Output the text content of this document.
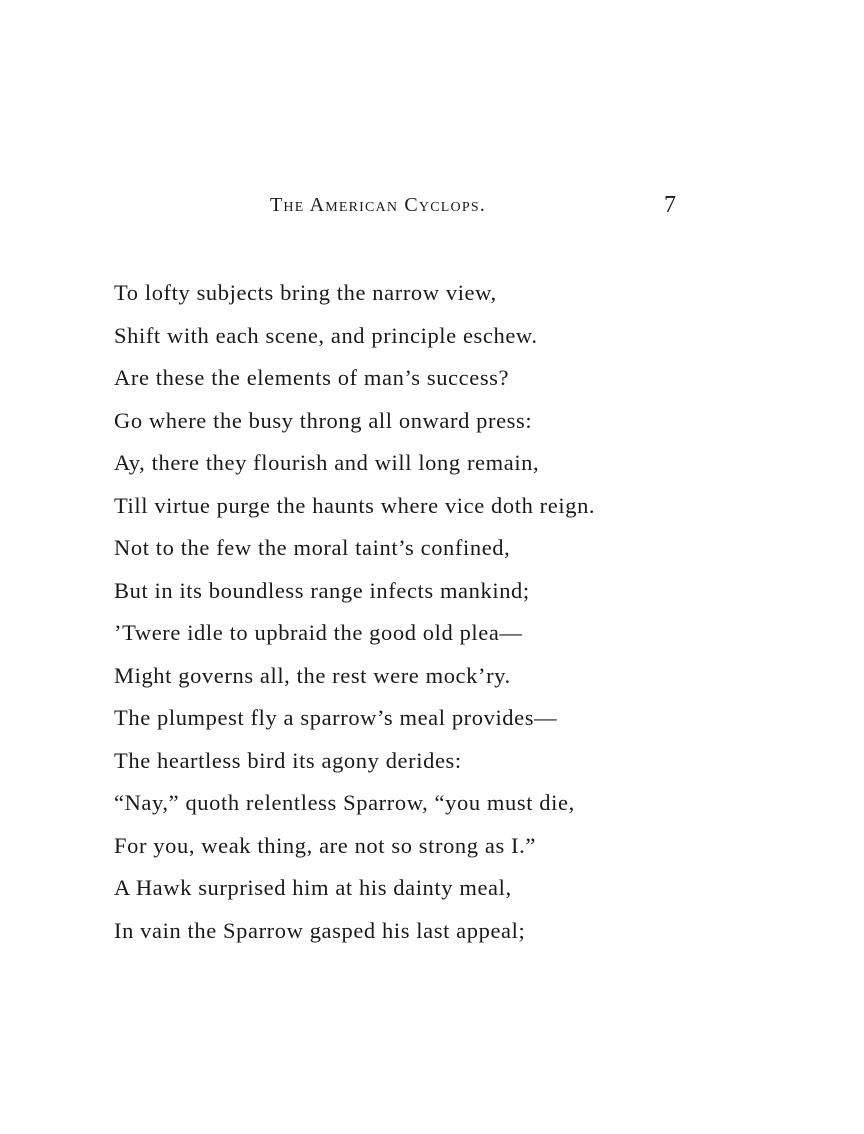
The American Cyclops.	7
To lofty subjects bring the narrow view,
Shift with each scene, and principle eschew.
Are these the elements of man’s success?
Go where the busy throng all onward press:
Ay, there they flourish and will long remain,
Till virtue purge the haunts where vice doth reign.
Not to the few the moral taint’s confined,
But in its boundless range infects mankind;
’Twere idle to upbraid the good old plea—
Might governs all, the rest were mock’ry.
The plumpest fly a sparrow’s meal provides—
The heartless bird its agony derides:
“Nay,” quoth relentless Sparrow, “you must die,
For you, weak thing, are not so strong as I.”
A Hawk surprised him at his dainty meal,
In vain the Sparrow gasped his last appeal;
